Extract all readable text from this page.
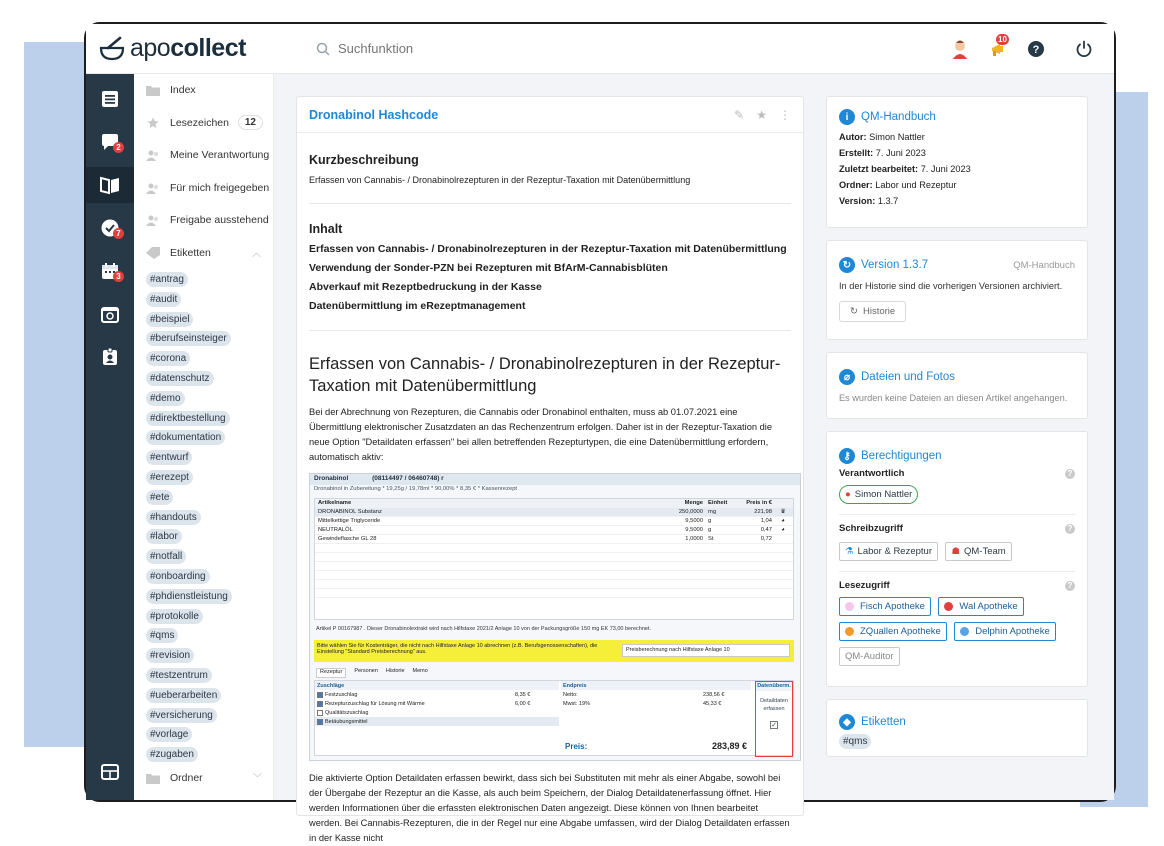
apocollect
Suchfunktion	10
?
2
7
3
Index
Lesezeichen	12
Meine Verantwortung
Für mich freigegeben
Freigabe ausstehend
Etiketten	︿
#antrag
#audit
#beispiel
#berufseinsteiger
#corona
#datenschutz
#demo
#direktbestellung
#dokumentation
#entwurf
#erezept
#ete
#handouts
#labor
#notfall
#onboarding
#phdienstleistung
#protokolle
#qms
#revision
#testzentrum
#ueberarbeiten
#versicherung
#vorlage
#zugaben
Ordner	﹀
Dronabinol Hashcode	✎ ★ ⋮
Kurzbeschreibung

Erfassen von Cannabis- / Dronabinolrezepturen in der Rezeptur-Taxation mit Datenübermittlung

Inhalt
Erfassen von Cannabis- / Dronabinolrezepturen in der Rezeptur-Taxation mit Datenübermittlung
Verwendung der Sonder-PZN bei Rezepturen mit BfArM-Cannabisblüten
Abverkauf mit Rezeptbedruckung in der Kasse
Datenübermittlung im eRezeptmanagement
Erfassen von Cannabis- / Dronabinolrezepturen in der Rezeptur-Taxation mit Datenübermittlung

Bei der Abrechnung von Rezepturen, die Cannabis oder Dronabinol enthalten, muss ab 01.07.2021 eine Übermittlung elektronischer Zusatzdaten an das Rechenzentrum erfolgen. Daher ist in der Rezeptur-Taxation die neue Option "Detaildaten erfassen" bei allen betreffenden Rezepturtypen, die eine Datenübermittlung erfordern, automatisch aktiv:

Dronabinol	(08114497 / 06460748) r
Dronabinol in Zubereitung * 19,25g / 19,78ml * 90,00% * 8,35 € * Kassenrezept
Artikelname	Menge Einheit	Preis in €
DRONABINOL Substanz	250,0000 mg	221,98	♛
Mittelkettige Triglyceride	9,5000 g	1,04	◕
NEUTRALÖL	9,5000 g	0,47	◕
Gewindeflasche GL 28	1,0000 St	0,72
Artikel P 00167987 . Dieser Dronabinolextrakt wird nach Hilfstaxe 2021/2 Anlage 10 von der Packungsgröße 150 mg EK 73,00 berechnet.
Bitte wählen Sie für Kostenträger, die nicht nach Hilfstaxe Anlage 10 abrechnen (z.B. Berufsgenossenschaften), die Einstellung "Standard Preisberechnung" aus.	Preisberechnung nach Hilfstaxe Anlage 10
Rezeptur	Personen Historie Memo
Zuschläge
Festzuschlag	8,35 €
Rezepturzuschlag für Lösung mit Wärme	6,00 €
Qualitätszuschlag
Betäubungsmittel
Endpreis
Netto:	238,56 €
Mwst: 19%	45,33 €
Preis:	283,89 €
Datenüberm.
Detaildaten erfassen
✓

Die aktivierte Option Detaildaten erfassen bewirkt, dass sich bei Substituten mit mehr als einer Abgabe, sowohl bei der Übergabe der Rezeptur an die Kasse, als auch beim Speichern, der Dialog Detaildatenerfassung öffnet. Hier werden Informationen über die erfassten elektronischen Daten angezeigt. Diese können von Ihnen bearbeitet werden. Bei Cannabis-Rezepturen, die in der Regel nur eine Abgabe umfassen, wird der Dialog Detaildaten erfassen in der Kasse nicht

i	QM-Handbuch
Autor: Simon Nattler
Erstellt: 7. Juni 2023
Zuletzt bearbeitet: 7. Juni 2023
Ordner: Labor und Rezeptur
Version: 1.3.7
↻ Version 1.3.7	QM-Handbuch
In der Historie sind die vorherigen Versionen archiviert.
↻ Historie
⌀ Dateien und Fotos
Es wurden keine Dateien an diesen Artikel angehangen.
⚷ Berechtigungen
Verantwortlich	?
● Simon Nattler
Schreibzugriff	?
⚗ Labor & Rezeptur
☗ QM-Team
Lesezugriff	?
Fisch Apotheke
	Wal Apotheke

ZQuallen Apotheke
	Delphin Apotheke

QM-Auditor
◆ Etiketten
#qms
